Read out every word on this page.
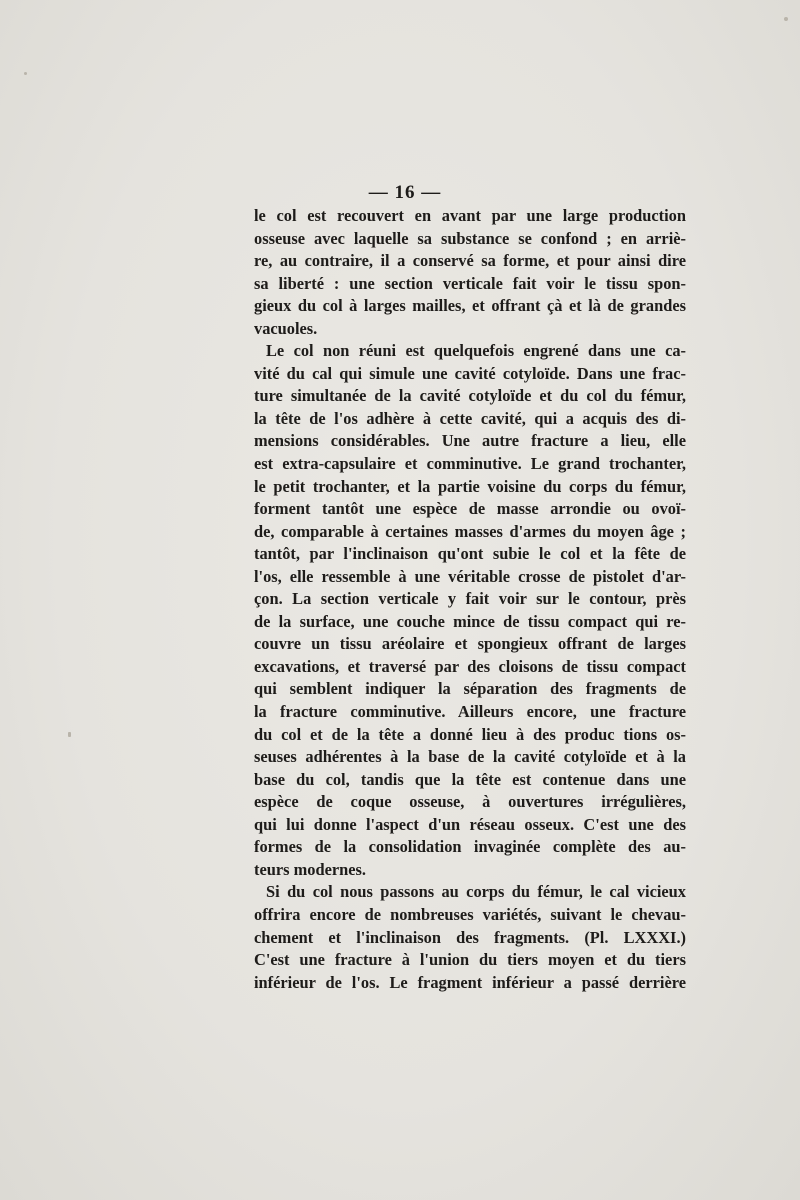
— 16 —
le col est recouvert en avant par une large production
osseuse avec laquelle sa substance se confond ; en arriè-
re, au contraire, il a conservé sa forme, et pour ainsi dire
sa liberté : une section verticale fait voir le tissu spon-
gieux du col à larges mailles, et offrant çà et là de grandes
vacuoles.
Le col non réuni est quelquefois engrené dans une ca-
vité du cal qui simule une cavité cotyloïde. Dans une frac-
ture simultanée de la cavité cotyloïde et du col du fémur,
la tête de l'os adhère à cette cavité, qui a acquis des di-
mensions considérables. Une autre fracture a lieu, elle
est extra-capsulaire et comminutive. Le grand trochanter,
le petit trochanter, et la partie voisine du corps du fémur,
forment tantôt une espèce de masse arrondie ou ovoï-
de, comparable à certaines masses d'armes du moyen âge ;
tantôt, par l'inclinaison qu'ont subie le col et la fête de
l'os, elle ressemble à une véritable crosse de pistolet d'ar-
çon. La section verticale y fait voir sur le contour, près
de la surface, une couche mince de tissu compact qui re-
couvre un tissu aréolaire et spongieux offrant de larges
excavations, et traversé par des cloisons de tissu compact
qui semblent indiquer la séparation des fragments de
la fracture comminutive. Ailleurs encore, une fracture
du col et de la tête a donné lieu à des produc tions os-
seuses adhérentes à la base de la cavité cotyloïde et à la
base du col, tandis que la tête est contenue dans une
espèce de coque osseuse, à ouvertures irrégulières,
qui lui donne l'aspect d'un réseau osseux. C'est une des
formes de la consolidation invaginée complète des au-
teurs modernes.
Si du col nous passons au corps du fémur, le cal vicieux
offrira encore de nombreuses variétés, suivant le chevau-
chement et l'inclinaison des fragments. (Pl. LXXXI.)
C'est une fracture à l'union du tiers moyen et du tiers
inférieur de l'os. Le fragment inférieur a passé derrière
